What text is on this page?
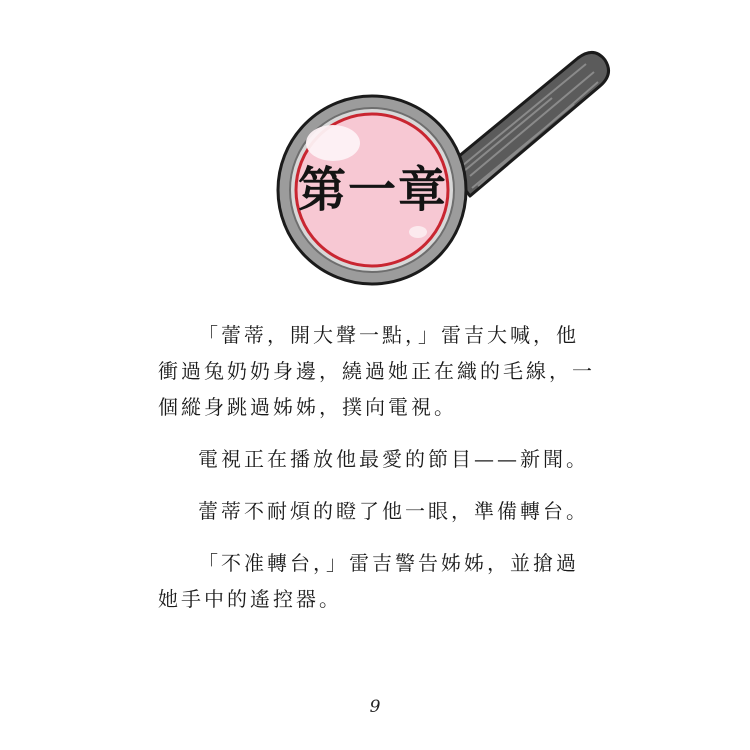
第一章

「蕾蒂，開大聲一點，」雷吉大喊，他衝過兔奶奶身邊，繞過她正在織的毛線，一個縱身跳過姊姊，撲向電視。

電視正在播放他最愛的節目——新聞。

蕾蒂不耐煩的瞪了他一眼，準備轉台。

「不准轉台，」雷吉警告姊姊，並搶過她手中的遙控器。

9
